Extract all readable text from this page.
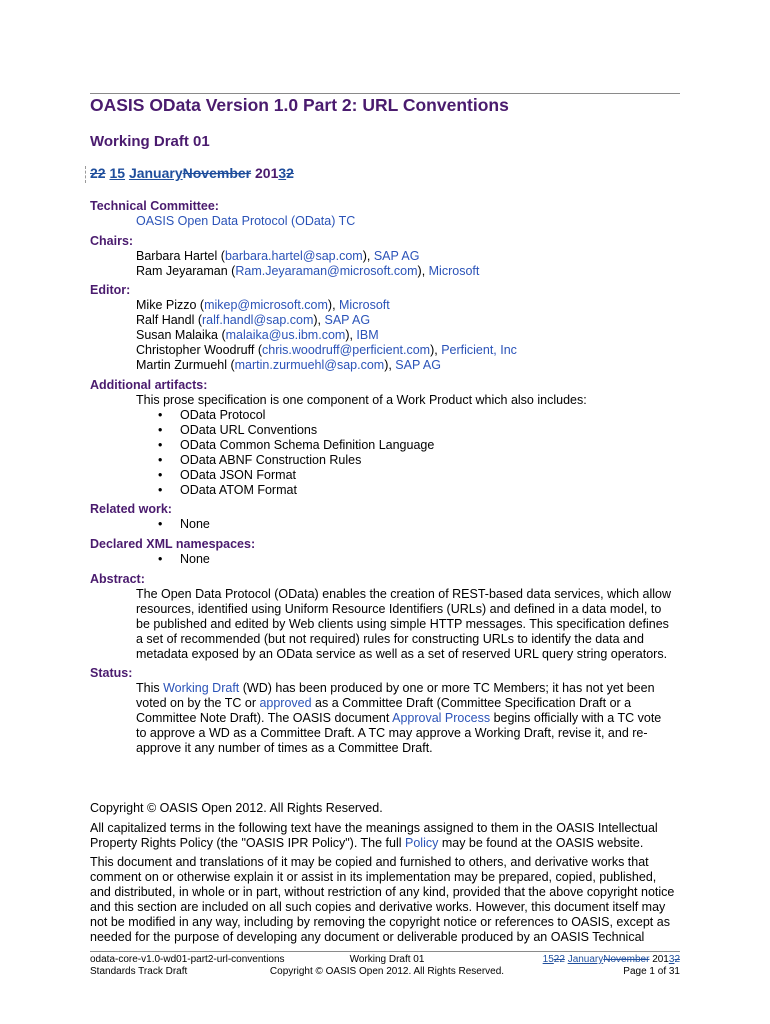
OASIS OData Version 1.0 Part 2: URL Conventions
Working Draft 01
22 15 JanuaryNovember 20132
Technical Committee:
OASIS Open Data Protocol (OData) TC
Chairs:
Barbara Hartel (barbara.hartel@sap.com), SAP AG
Ram Jeyaraman (Ram.Jeyaraman@microsoft.com), Microsoft
Editor:
Mike Pizzo (mikep@microsoft.com), Microsoft
Ralf Handl (ralf.handl@sap.com), SAP AG
Susan Malaika (malaika@us.ibm.com), IBM
Christopher Woodruff (chris.woodruff@perficient.com), Perficient, Inc
Martin Zurmuehl (martin.zurmuehl@sap.com), SAP AG
Additional artifacts:
This prose specification is one component of a Work Product which also includes:
• OData Protocol
• OData URL Conventions
• OData Common Schema Definition Language
• OData ABNF Construction Rules
• OData JSON Format
• OData ATOM Format
Related work:
• None
Declared XML namespaces:
• None
Abstract:
The Open Data Protocol (OData) enables the creation of REST-based data services, which allow
resources, identified using Uniform Resource Identifiers (URLs) and defined in a data model, to
be published and edited by Web clients using simple HTTP messages. This specification defines
a set of recommended (but not required) rules for constructing URLs to identify the data and
metadata exposed by an OData service as well as a set of reserved URL query string operators.
Status:
This Working Draft (WD) has been produced by one or more TC Members; it has not yet been
voted on by the TC or approved as a Committee Draft (Committee Specification Draft or a
Committee Note Draft). The OASIS document Approval Process begins officially with a TC vote
to approve a WD as a Committee Draft. A TC may approve a Working Draft, revise it, and re-
approve it any number of times as a Committee Draft.
Copyright © OASIS Open 2012. All Rights Reserved.
All capitalized terms in the following text have the meanings assigned to them in the OASIS Intellectual
Property Rights Policy (the "OASIS IPR Policy"). The full Policy may be found at the OASIS website.
This document and translations of it may be copied and furnished to others, and derivative works that
comment on or otherwise explain it or assist in its implementation may be prepared, copied, published,
and distributed, in whole or in part, without restriction of any kind, provided that the above copyright notice
and this section are included on all such copies and derivative works. However, this document itself may
not be modified in any way, including by removing the copyright notice or references to OASIS, except as
needed for the purpose of developing any document or deliverable produced by an OASIS Technical
odata-core-v1.0-wd01-part2-url-conventions
Standards Track Draft
Working Draft 01
Copyright © OASIS Open 2012. All Rights Reserved.
1522 JanuaryNovember 20132
Page 1 of 31
